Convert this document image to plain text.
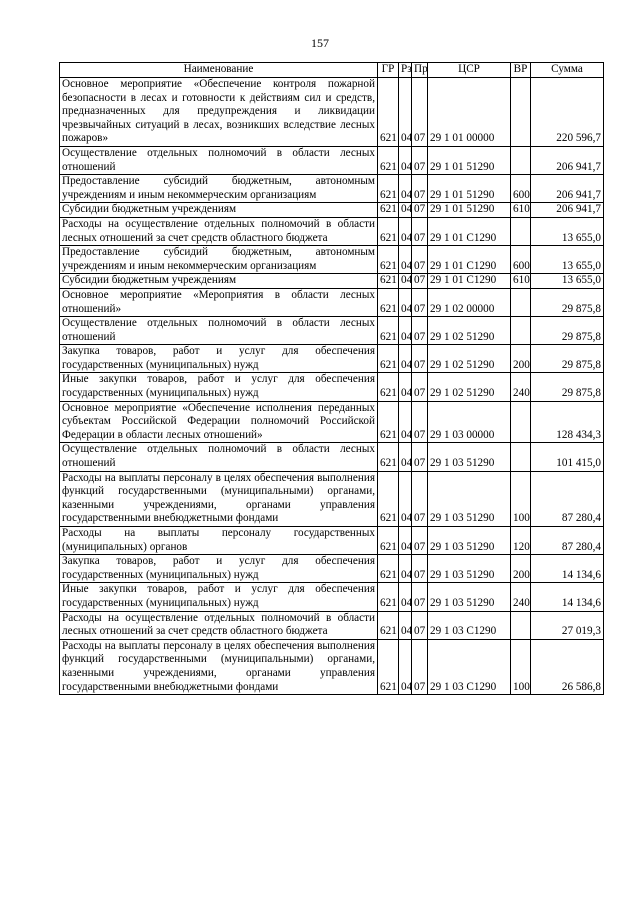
157
Наименование	ГР	Рз	Пр	ЦСР	ВР	Сумма
Основное мероприятие «Обеспечение контроля пожарной безопасности в лесах и готовности к действиям сил и средств, предназначенных для предупреждения и ликвидации чрезвычайных ситуаций в лесах, возникших вследствие лесных пожаров»	621	04	07	29 1 01 00000		220 596,7
Осуществление отдельных полномочий в области лесных отношений	621	04	07	29 1 01 51290		206 941,7
Предоставление субсидий бюджетным, автономным учреждениям и иным некоммерческим организациям	621	04	07	29 1 01 51290	600	206 941,7
Субсидии бюджетным учреждениям	621	04	07	29 1 01 51290	610	206 941,7
Расходы на осуществление отдельных полномочий в области лесных отношений за счет средств областного бюджета	621	04	07	29 1 01 С1290		13 655,0
Предоставление субсидий бюджетным, автономным учреждениям и иным некоммерческим организациям	621	04	07	29 1 01 С1290	600	13 655,0
Субсидии бюджетным учреждениям	621	04	07	29 1 01 С1290	610	13 655,0
Основное мероприятие «Мероприятия в области лесных отношений»	621	04	07	29 1 02 00000		29 875,8
Осуществление отдельных полномочий в области лесных отношений	621	04	07	29 1 02 51290		29 875,8
Закупка товаров, работ и услуг для обеспечения государственных (муниципальных) нужд	621	04	07	29 1 02 51290	200	29 875,8
Иные закупки товаров, работ и услуг для обеспечения государственных (муниципальных) нужд	621	04	07	29 1 02 51290	240	29 875,8
Основное мероприятие «Обеспечение исполнения переданных субъектам Российской Федерации полномочий Российской Федерации в области лесных отношений»	621	04	07	29 1 03 00000		128 434,3
Осуществление отдельных полномочий в области лесных отношений	621	04	07	29 1 03 51290		101 415,0
Расходы на выплаты персоналу в целях обеспечения выполнения функций государственными (муниципальными) органами, казенными учреждениями, органами управления государственными внебюджетными фондами	621	04	07	29 1 03 51290	100	87 280,4
Расходы на выплаты персоналу государственных (муниципальных) органов	621	04	07	29 1 03 51290	120	87 280,4
Закупка товаров, работ и услуг для обеспечения государственных (муниципальных) нужд	621	04	07	29 1 03 51290	200	14 134,6
Иные закупки товаров, работ и услуг для обеспечения государственных (муниципальных) нужд	621	04	07	29 1 03 51290	240	14 134,6
Расходы на осуществление отдельных полномочий в области лесных отношений за счет средств областного бюджета	621	04	07	29 1 03 С1290		27 019,3
Расходы на выплаты персоналу в целях обеспечения выполнения функций государственными (муниципальными) органами, казенными учреждениями, органами управления государственными внебюджетными фондами	621	04	07	29 1 03 С1290	100	26 586,8
